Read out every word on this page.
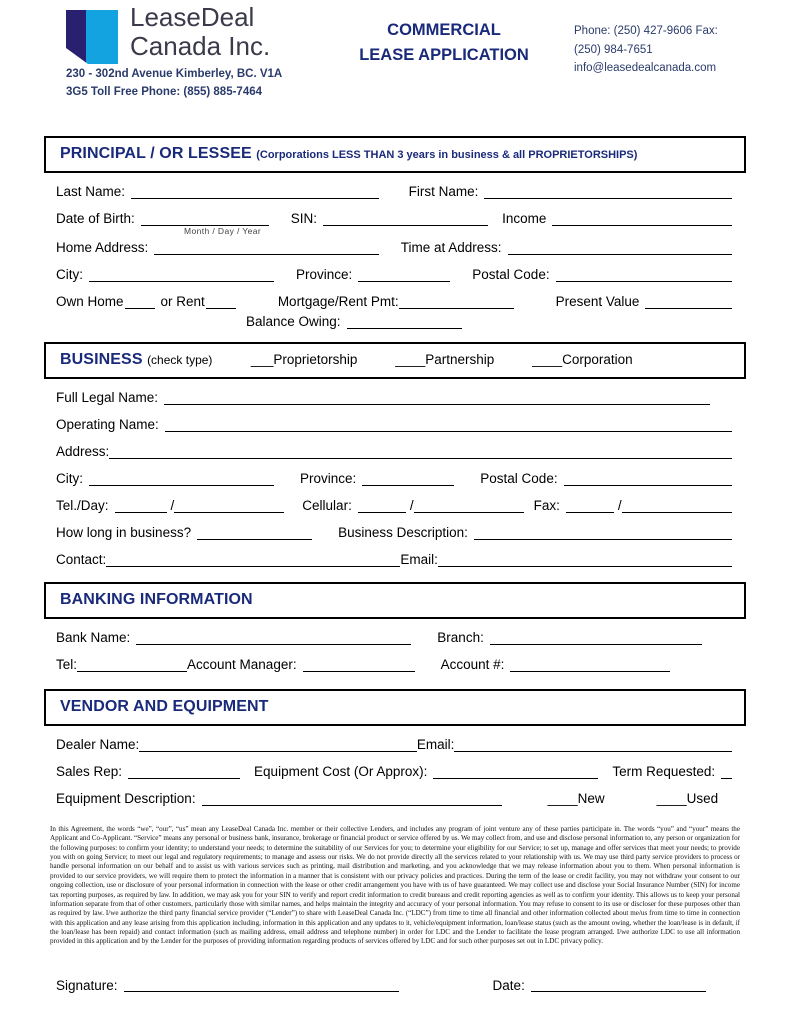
LeaseDeal
Canada Inc.
230 - 302nd Avenue Kimberley, BC. V1A
3G5 Toll Free Phone: (855) 885-7464
COMMERCIAL
LEASE APPLICATION
Phone: (250) 427-9606 Fax:
(250) 984-7651
info@leasedealcanada.com
PRINCIPAL / OR LESSEE (Corporations LESS THAN 3 years in business & all PROPRIETORSHIPS)
Last Name:	First Name:
Date of Birth:	SIN:	Income
Month / Day / Year
Home Address:	Time at Address:
City:	Province:	Postal Code:
Own Home	or Rent	Mortgage/Rent Pmt:	Present Value
Balance Owing:
BUSINESS (check type)	___Proprietorship	____Partnership	____Corporation
Full Legal Name:
Operating Name:
Address:
City:	Province:	Postal Code:
Tel./Day:	/	Cellular:	/	Fax:	/
How long in business?	Business Description:
Contact:	Email:
BANKING INFORMATION
Bank Name:	Branch:
Tel:	Account Manager:	Account #:
VENDOR AND EQUIPMENT
Dealer Name:	Email:
Sales Rep:	Equipment Cost (Or Approx):	Term Requested:
Equipment Description:	____New	____Used
In this Agreement, the words “we”, “our”, “us” mean any LeaseDeal Canada Inc. member or their collective Lenders, and includes any program of joint venture any of these parties participate in. The words “you” and “your” means the Applicant and Co-Applicant. “Service” means any personal or business bank, insurance, brokerage or financial product or service offered by us. We may collect from, and use and disclose personal information to, any person or organization for the following purposes: to confirm your identity; to understand your needs; to determine the suitability of our Services for you; to determine your eligibility for our Service; to set up, manage and offer services that meet your needs; to provide you with on going Service; to meet our legal and regulatory requirements; to manage and assess our risks. We do not provide directly all the services related to your relationship with us. We may use third party service providers to process or handle personal information on our behalf and to assist us with various services such as printing, mail distribution and marketing, and you acknowledge that we may release information about you to them. When personal information is provided to our service providers, we will require them to protect the information in a manner that is consistent with our privacy policies and practices. During the term of the lease or credit facility, you may not withdraw your consent to our ongoing collection, use or disclosure of your personal information in connection with the lease or other credit arrangement you have with us of have guaranteed. We may collect use and disclose your Social Insurance Number (SIN) for income tax reporting purposes, as required by law. In addition, we may ask you for your SIN to verify and report credit information to credit bureaus and credit reporting agencies as well as to confirm your identity. This allows us to keep your personal information separate from that of other customers, particularly those with similar names, and helps maintain the integrity and accuracy of your personal information. You may refuse to consent to its use or discloser for these purposes other than as required by law. I/we authorize the third party financial service provider (“Lender”) to share with LeaseDeal Canada Inc. (“LDC”) from time to time all financial and other information collected about me/us from time to time in connection with this application and any lease arising from this application including, information in this application and any updates to it, vehicle/equipment information, loan/lease status (such as the amount owing, whether the loan/lease is in default, if the loan/lease has been repaid) and contact information (such as mailing address, email address and telephone number) in order for LDC and the Lender to facilitate the lease program arranged. I/we authorize LDC to use all information provided in this application and by the Lender for the purposes of providing information regarding products of services offered by LDC and for such other purposes set out in LDC privacy policy.
Signature:	Date:
